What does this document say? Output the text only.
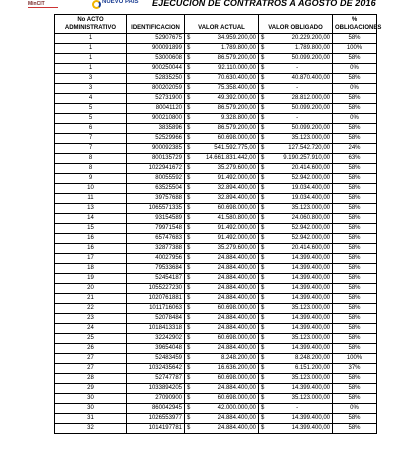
MinCIT	NUEVO PAÍS EJECUCION DE CONTRATROS A AGOSTO DE 2016
No ACTO ADMINISTRATIVO	IDENTIFICACION	VALOR ACTUAL	VALOR OBLIGADO	% OBLIGACIONES
1	52907675	$ 34.959.200,00	$ 20.229.200,00	58%
1	900091899	$ 1.789.800,00	$ 1.789.800,00	100%
1	53000608	$ 86.579.200,00	$ 50.099.200,00	58%
1	900250044	$ 92.110.000,00	$ -	0%
3	52835250	$ 70.630.400,00	$ 40.870.400,00	58%
3	800202059	$ 75.358.400,00	$ -	0%
4	52731900	$ 49.392.000,00	$ 28.812.000,00	58%
5	80041120	$ 86.579.200,00	$ 50.099.200,00	58%
5	900210800	$ 9.328.800,00	$ -	0%
6	3835896	$ 86.579.200,00	$ 50.099.200,00	58%
7	52529966	$ 60.698.000,00	$ 35.123.000,00	58%
7	900092385	$ 541.592.775,00	$ 127.542.720,00	24%
8	800135729	$ 14.661.831.442,00	$ 9.190.257.910,00	63%
8	1022941672	$ 35.279.600,00	$ 20.414.600,00	58%
9	80055592	$ 91.492.000,00	$ 52.942.000,00	58%
10	63525504	$ 32.894.400,00	$ 19.034.400,00	58%
11	39757688	$ 32.894.400,00	$ 19.034.400,00	58%
13	1065571335	$ 60.698.000,00	$ 35.123.000,00	58%
14	93154589	$ 41.580.800,00	$ 24.060.800,00	58%
15	79971548	$ 91.492.000,00	$ 52.942.000,00	58%
16	65747683	$ 91.492.000,00	$ 52.942.000,00	58%
16	32877388	$ 35.279.600,00	$ 20.414.600,00	58%
17	40027956	$ 24.884.400,00	$ 14.399.400,00	58%
18	79533684	$ 24.884.400,00	$ 14.399.400,00	58%
19	52454187	$ 24.884.400,00	$ 14.399.400,00	58%
20	1055227230	$ 24.884.400,00	$ 14.399.400,00	58%
21	1020761881	$ 24.884.400,00	$ 14.399.400,00	58%
22	1011716063	$ 60.698.000,00	$ 35.123.000,00	58%
23	52078484	$ 24.884.400,00	$ 14.399.400,00	58%
24	1018413318	$ 24.884.400,00	$ 14.399.400,00	58%
25	32242902	$ 60.698.000,00	$ 35.123.000,00	58%
26	39654048	$ 24.884.400,00	$ 14.399.400,00	58%
27	52483459	$ 8.248.200,00	$ 8.248.200,00	100%
27	1032435642	$ 16.636.200,00	$ 6.151.200,00	37%
28	52747787	$ 60.698.000,00	$ 35.123.000,00	58%
29	1033894205	$ 24.884.400,00	$ 14.399.400,00	58%
30	27090900	$ 60.698.000,00	$ 35.123.000,00	58%
30	860042945	$ 42.000.000,00	$ -	0%
31	1026553977	$ 24.884.400,00	$ 14.399.400,00	58%
32	1014197781	$ 24.884.400,00	$ 14.399.400,00	58%
